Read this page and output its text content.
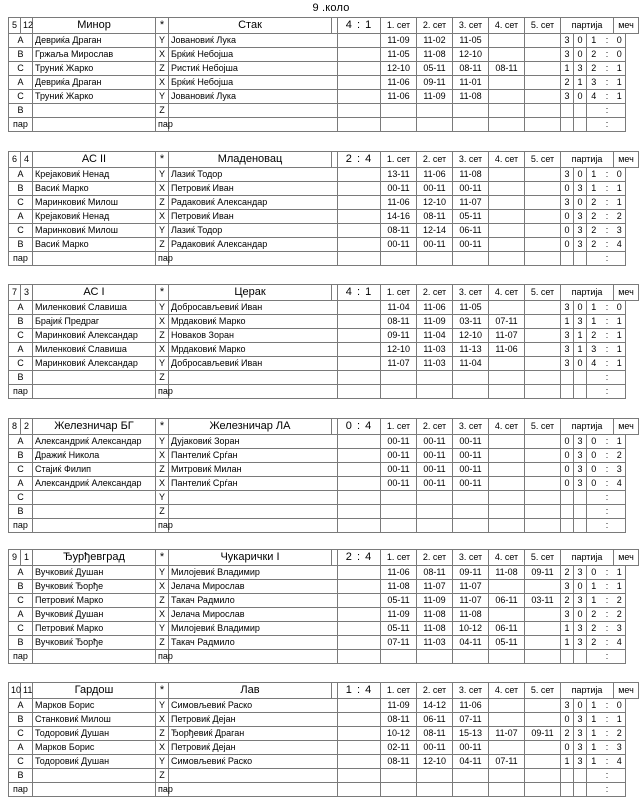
9 .коло
5	12	Минор	*	Стак		4 : 1	1. сет	2. сет	3. сет	4. сет	5. сет	партија				меч
A		Девриќа Драган	Y	Јовановиќ Лука			11-09	11-02	11-05			3	0	1	:	0
B		Гржаља Мирослав	X	Брќиќ Небојша			11-05	11-08	12-10			3	0	2	:	0
C		Труниќ Жарко	Z	Ристиќ Небојша			12-10	05-11	08-11	08-11		1	3	2	:	1
A		Девриќа Драган	X	Брќиќ Небојша			11-06	09-11	11-01			2	1	3	:	1
C		Труниќ Жарко	Y	Јовановиќ Лука			11-06	11-09	11-08			3	0	4	:	1
B			Z												:	
пар			пар												:	
6	4	АС II	*	Младеновац		2 : 4	1. сет	2. сет	3. сет	4. сет	5. сет	партија				меч
A		Крејаковиќ Ненад	Y	Лазиќ Тодор			13-11	11-06	11-08			3	0	1	:	0
B		Васиќ Марко	X	Петровиќ Иван			00-11	00-11	00-11			0	3	1	:	1
C		Маринковиќ Милош	Z	Радаковиќ Александар			11-06	12-10	11-07			3	0	2	:	1
A		Крејаковиќ Ненад	X	Петровиќ Иван			14-16	08-11	05-11			0	3	2	:	2
C		Маринковиќ Милош	Y	Лазиќ Тодор			08-11	12-14	06-11			0	3	2	:	3
B		Васиќ Марко	Z	Радаковиќ Александар			00-11	00-11	00-11			0	3	2	:	4
пар			пар												:	
7	3	АС I	*	Церак		4 : 1	1. сет	2. сет	3. сет	4. сет	5. сет	партија				меч
A		Миленковиќ Славиша	Y	Добросављевиќ Иван			11-04	11-06	11-05			3	0	1	:	0
B		Брајиќ Предраг	X	Мрдаковиќ Марко			08-11	11-09	03-11	07-11		1	3	1	:	1
C		Маринковиќ Александар	Z	Новаков Зоран			09-11	11-04	12-10	11-07		3	1	2	:	1
A		Миленковиќ Славиша	X	Мрдаковиќ Марко			12-10	11-03	11-13	11-06		3	1	3	:	1
C		Маринковиќ Александар	Y	Добросављевиќ Иван			11-07	11-03	11-04			3	0	4	:	1
B			Z												:	
пар			пар												:	
8	2	Железничар БГ	*	Железничар ЛА		0 : 4	1. сет	2. сет	3. сет	4. сет	5. сет	партија				меч
A		Александриќ Александар	Y	Дујаковиќ Зоран			00-11	00-11	00-11			0	3	0	:	1
B		Дражиќ Никола	X	Пантелиќ Срѓан			00-11	00-11	00-11			0	3	0	:	2
C		Стајиќ Филип	Z	Митровиќ Милан			00-11	00-11	00-11			0	3	0	:	3
A		Александриќ Александар	X	Пантелиќ Срѓан			00-11	00-11	00-11			0	3	0	:	4
C			Y												:	
B			Z												:	
пар			пар												:	
9	1	Ђурђевград	*	Чукарички I		2 : 4	1. сет	2. сет	3. сет	4. сет	5. сет	партија				меч
A		Вучковиќ Душан	Y	Милојевиќ Владимир			11-06	08-11	09-11	11-08	09-11	2	3	0	:	1
B		Вучковиќ Ђорђе	X	Јелача Мирослав			11-08	11-07	11-07			3	0	1	:	1
C		Петровиќ Марко	Z	Такач Радмило			05-11	11-09	11-07	06-11	03-11	2	3	1	:	2
A		Вучковиќ Душан	X	Јелача Мирослав			11-09	11-08	11-08			3	0	2	:	2
C		Петровиќ Марко	Y	Милојевиќ Владимир			05-11	11-08	10-12	06-11		1	3	2	:	3
B		Вучковиќ Ђорђе	Z	Такач Радмило			07-11	11-03	04-11	05-11		1	3	2	:	4
пар			пар												:	
10	11	Гардош	*	Лав		1 : 4	1. сет	2. сет	3. сет	4. сет	5. сет	партија				меч
A		Марков Борис	Y	Симовљевиќ Раско			11-09	14-12	11-06			3	0	1	:	0
B		Станковиќ Милош	X	Петровиќ Дејан			08-11	06-11	07-11			0	3	1	:	1
C		Тодоровиќ Душан	Z	Ђорђевиќ Драган			10-12	08-11	15-13	11-07	09-11	2	3	1	:	2
A		Марков Борис	X	Петровиќ Дејан			02-11	00-11	00-11			0	3	1	:	3
C		Тодоровиќ Душан	Y	Симовљевиќ Раско			08-11	12-10	04-11	07-11		1	3	1	:	4
B			Z												:	
пар			пар												:	
